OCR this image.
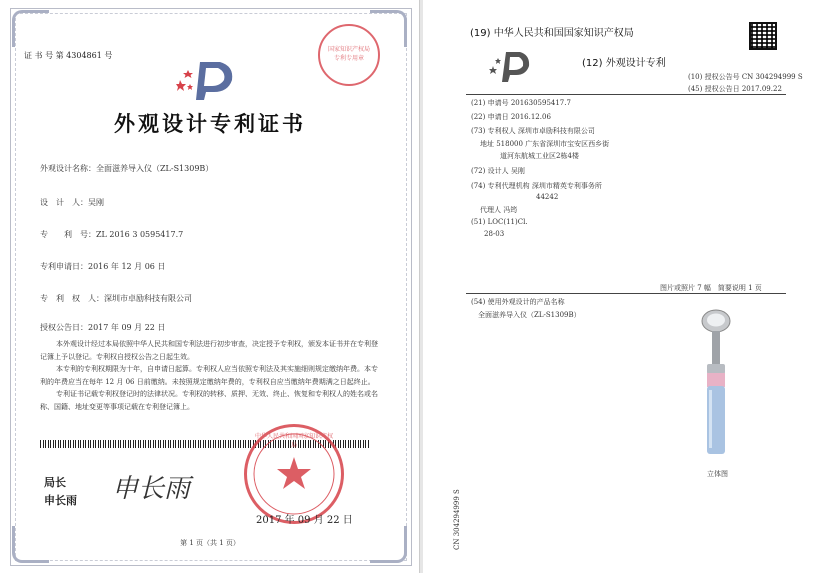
证 书 号 第 4304861 号
国家知识产权局专利专用章
外观设计专利证书
外观设计名称：全面滋养导入仪（ZL-S1309B）
设　计　人：吴刚
专　　利　号：ZL 2016 3 0595417.7
专利申请日：2016 年 12 月 06 日
专　利　权　人：深圳市卓励科技有限公司
授权公告日：2017 年 09 月 22 日
本外观设计经过本局依照中华人民共和国专利法进行初步审查，决定授予专利权，颁发本证书并在专利登记簿上予以登记。专利权自授权公告之日起生效。
本专利的专利权期限为十年，自申请日起算。专利权人应当依照专利法及其实施细则规定缴纳年费。本专利的年费应当在每年 12 月 06 日前缴纳。未按照规定缴纳年费的，专利权自应当缴纳年费期满之日起终止。
专利证书记载专利权登记时的法律状况。专利权的转移、质押、无效、终止、恢复和专利权人的姓名或名称、国籍、地址变更等事项记载在专利登记簿上。
局长
申长雨 申长雨
中华人民共和国国家知识产权局
2017 年 09 月 22 日
第 1 页（共 1 页）
(19) 中华人民共和国国家知识产权局
(12) 外观设计专利
(10) 授权公告号 CN 304294999 S
(45) 授权公告日 2017.09.22
(21) 申请号 201630595417.7
(22) 申请日 2016.12.06
(73) 专利权人 深圳市卓励科技有限公司
地址 518000 广东省深圳市宝安区西乡街
道河东航城工业区2栋4楼
(72) 设计人 吴刚
(74) 专利代理机构 深圳市精英专利事务所
44242
代理人 冯筠
(51) LOC(11)Cl.
28-03
图片或照片 7 幅　简要说明 1 页
(54) 使用外观设计的产品名称
全面滋养导入仪（ZL-S1309B）
立体图
CN 304294999 S
